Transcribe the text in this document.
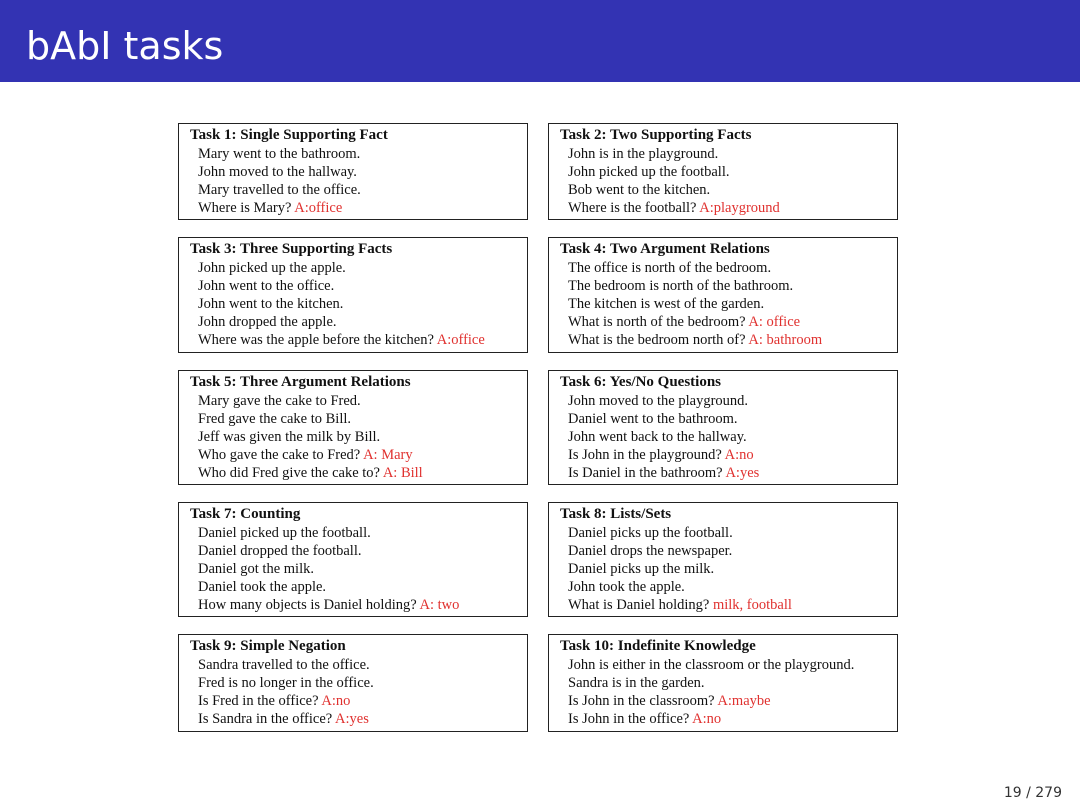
bAbI tasks
Task 1: Single Supporting Fact
Mary went to the bathroom.
John moved to the hallway.
Mary travelled to the office.
Where is Mary? A:office
Task 2: Two Supporting Facts
John is in the playground.
John picked up the football.
Bob went to the kitchen.
Where is the football? A:playground
Task 3: Three Supporting Facts
John picked up the apple.
John went to the office.
John went to the kitchen.
John dropped the apple.
Where was the apple before the kitchen? A:office
Task 4: Two Argument Relations
The office is north of the bedroom.
The bedroom is north of the bathroom.
The kitchen is west of the garden.
What is north of the bedroom? A: office
What is the bedroom north of? A: bathroom
Task 5: Three Argument Relations
Mary gave the cake to Fred.
Fred gave the cake to Bill.
Jeff was given the milk by Bill.
Who gave the cake to Fred? A: Mary
Who did Fred give the cake to? A: Bill
Task 6: Yes/No Questions
John moved to the playground.
Daniel went to the bathroom.
John went back to the hallway.
Is John in the playground? A:no
Is Daniel in the bathroom? A:yes
Task 7: Counting
Daniel picked up the football.
Daniel dropped the football.
Daniel got the milk.
Daniel took the apple.
How many objects is Daniel holding? A: two
Task 8: Lists/Sets
Daniel picks up the football.
Daniel drops the newspaper.
Daniel picks up the milk.
John took the apple.
What is Daniel holding? milk, football
Task 9: Simple Negation
Sandra travelled to the office.
Fred is no longer in the office.
Is Fred in the office? A:no
Is Sandra in the office? A:yes
Task 10: Indefinite Knowledge
John is either in the classroom or the playground.
Sandra is in the garden.
Is John in the classroom? A:maybe
Is John in the office? A:no
19 / 279
